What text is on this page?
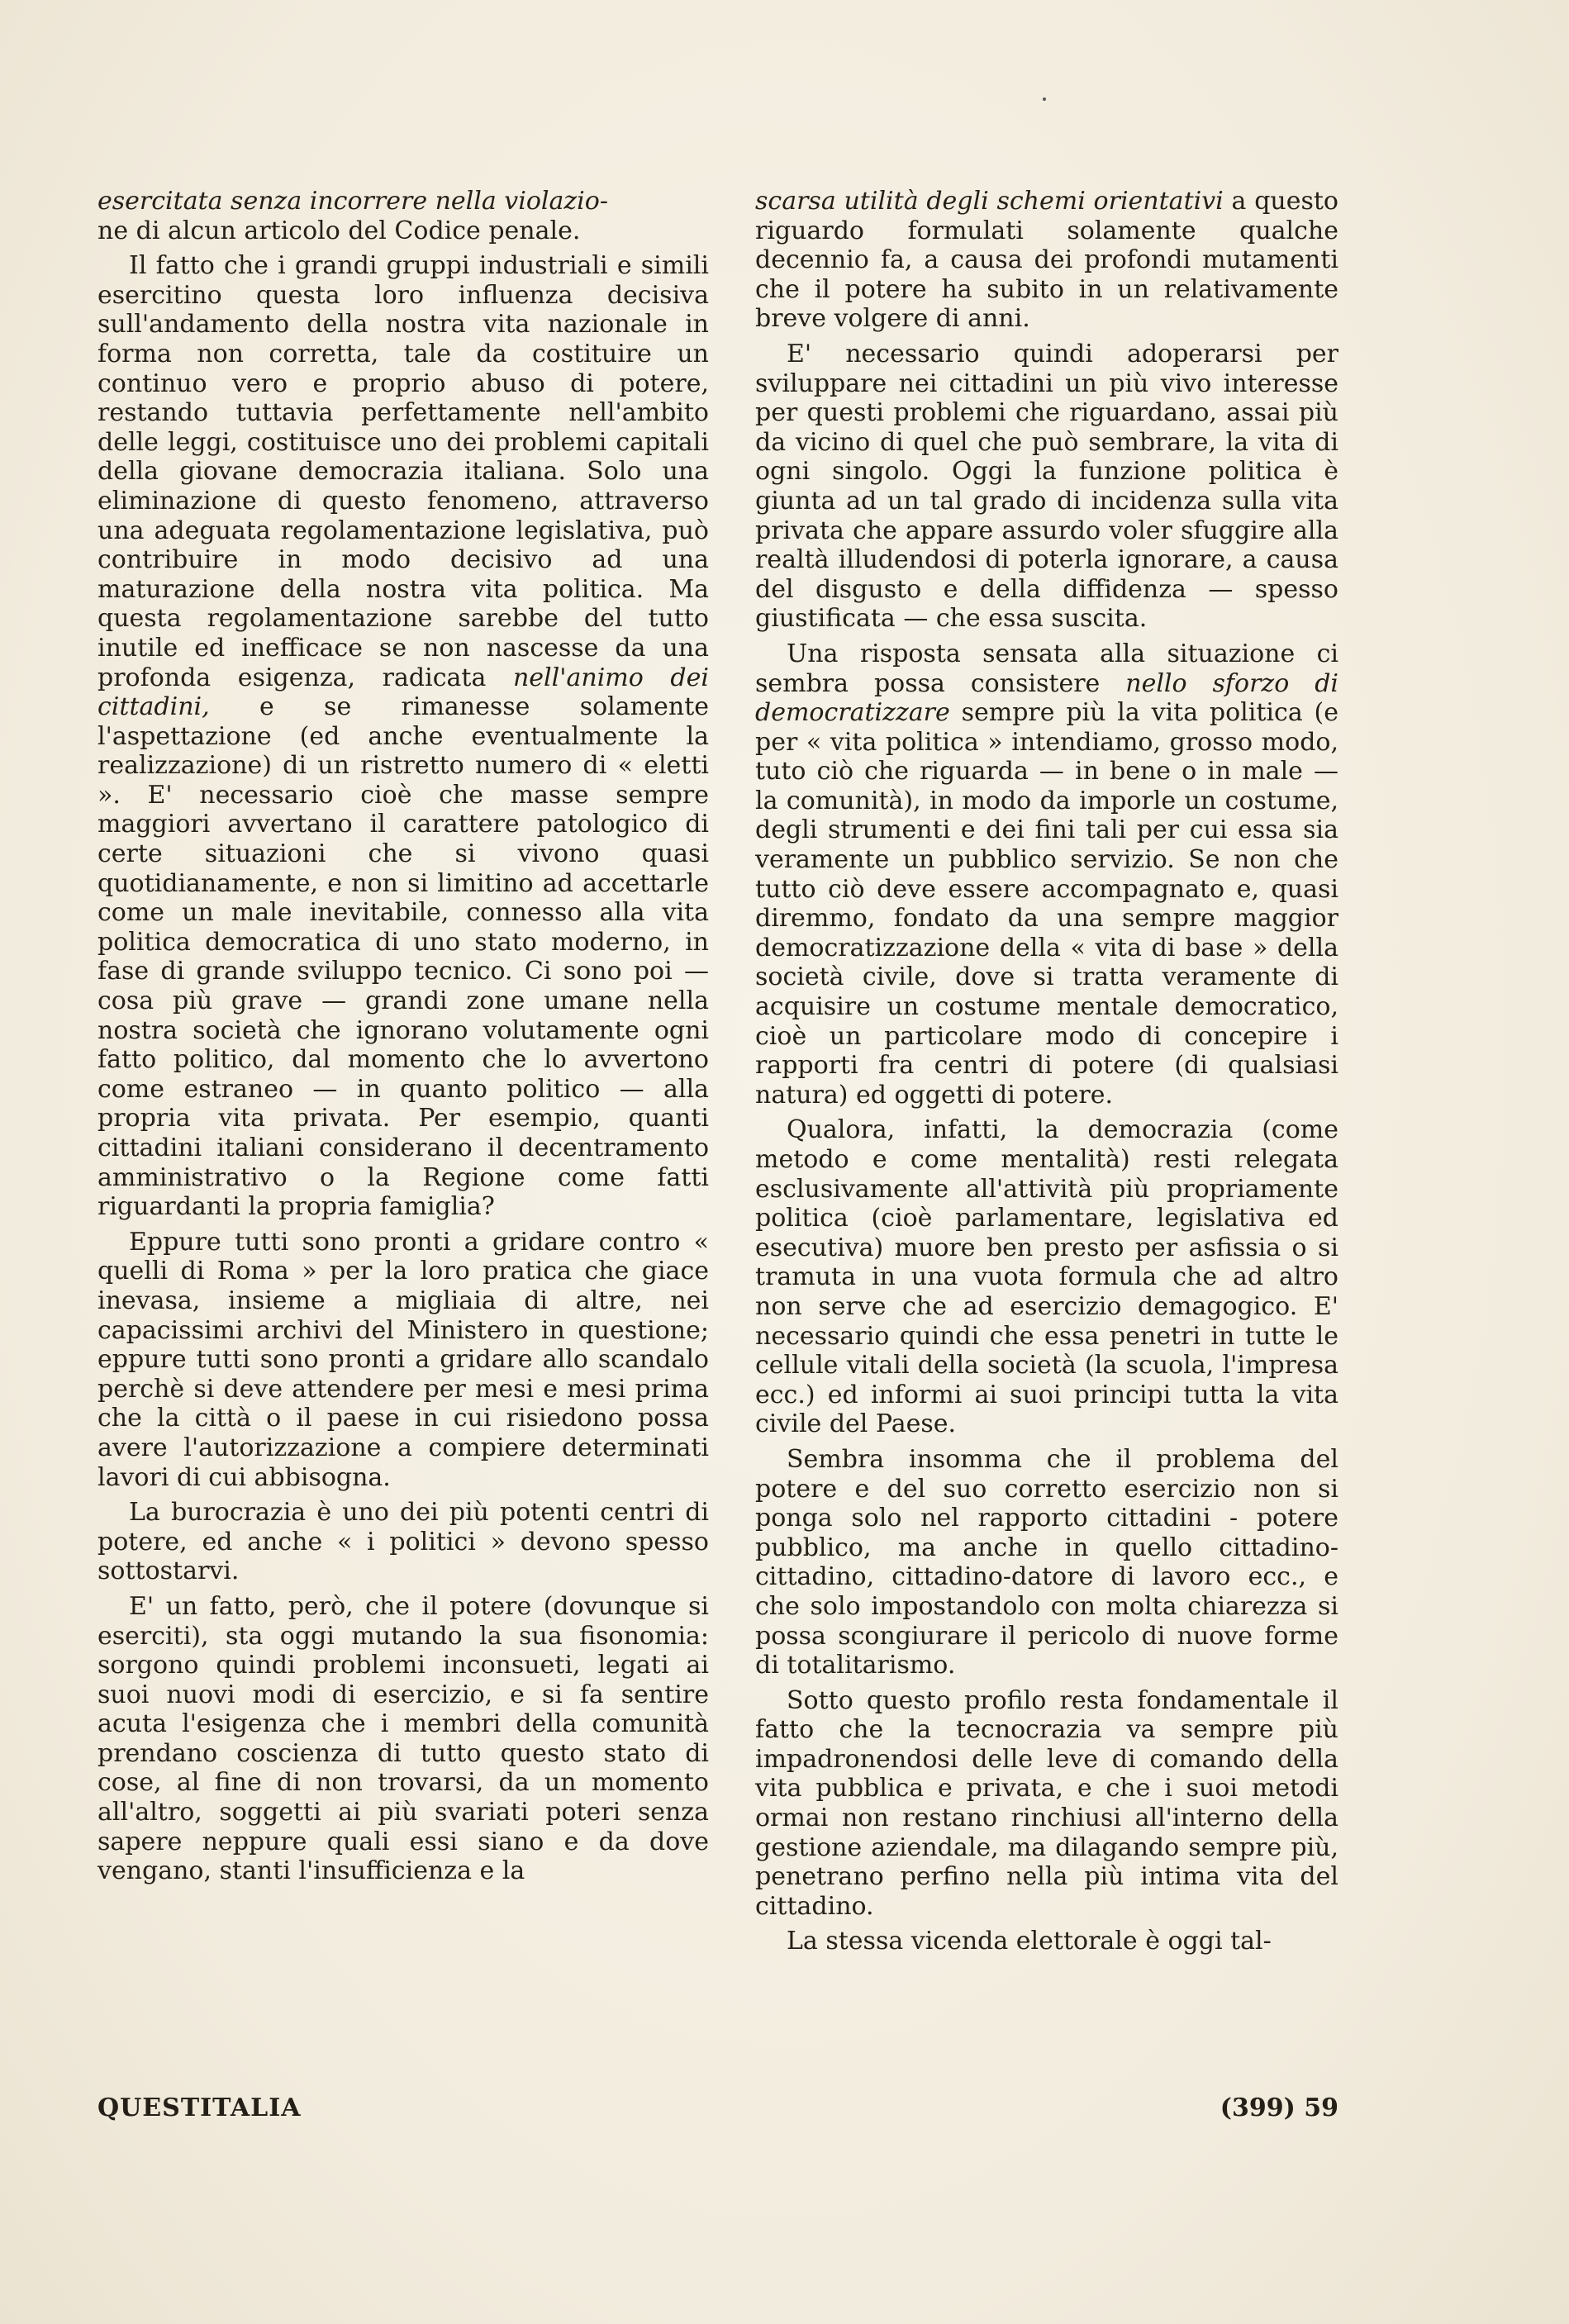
esercitata senza incorrere nella violazio-
ne di alcun articolo del Codice penale.

Il fatto che i grandi gruppi industriali e simili esercitino questa loro influenza decisiva sull'andamento della nostra vita nazionale in forma non corretta, tale da costituire un continuo vero e proprio abuso di potere, restando tuttavia perfettamente nell'ambito delle leggi, costituisce uno dei problemi capitali della giovane democrazia italiana. Solo una eliminazione di questo fenomeno, attraverso una adeguata regolamentazione legislativa, può contribuire in modo decisivo ad una maturazione della nostra vita politica. Ma questa regolamentazione sarebbe del tutto inutile ed inefficace se non nascesse da una profonda esigenza, radicata nell'animo dei cittadini, e se rimanesse solamente l'aspettazione (ed anche eventualmente la realizzazione) di un ristretto numero di « eletti ». E' necessario cioè che masse sempre maggiori avvertano il carattere patologico di certe situazioni che si vivono quasi quotidianamente, e non si limitino ad accettarle come un male inevitabile, connesso alla vita politica democratica di uno stato moderno, in fase di grande sviluppo tecnico. Ci sono poi — cosa più grave — grandi zone umane nella nostra società che ignorano volutamente ogni fatto politico, dal momento che lo avvertono come estraneo — in quanto politico — alla propria vita privata. Per esempio, quanti cittadini italiani considerano il decentramento amministrativo o la Regione come fatti riguardanti la propria famiglia?

Eppure tutti sono pronti a gridare contro « quelli di Roma » per la loro pratica che giace inevasa, insieme a migliaia di altre, nei capacissimi archivi del Ministero in questione; eppure tutti sono pronti a gridare allo scandalo perchè si deve attendere per mesi e mesi prima che la città o il paese in cui risiedono possa avere l'autorizzazione a compiere determinati lavori di cui abbisogna.

La burocrazia è uno dei più potenti centri di potere, ed anche « i politici » devono spesso sottostarvi.

E' un fatto, però, che il potere (dovunque si eserciti), sta oggi mutando la sua fisonomia: sorgono quindi problemi inconsueti, legati ai suoi nuovi modi di esercizio, e si fa sentire acuta l'esigenza che i membri della comunità prendano coscienza di tutto questo stato di cose, al fine di non trovarsi, da un momento all'altro, soggetti ai più svariati poteri senza sapere neppure quali essi siano e da dove vengano, stanti l'insufficienza e la

scarsa utilità degli schemi orientativi a questo riguardo formulati solamente qualche decennio fa, a causa dei profondi mutamenti che il potere ha subito in un relativamente breve volgere di anni.

E' necessario quindi adoperarsi per sviluppare nei cittadini un più vivo interesse per questi problemi che riguardano, assai più da vicino di quel che può sembrare, la vita di ogni singolo. Oggi la funzione politica è giunta ad un tal grado di incidenza sulla vita privata che appare assurdo voler sfuggire alla realtà illudendosi di poterla ignorare, a causa del disgusto e della diffidenza — spesso giustificata — che essa suscita.

Una risposta sensata alla situazione ci sembra possa consistere nello sforzo di democratizzare sempre più la vita politica (e per « vita politica » intendiamo, grosso modo, tuto ciò che riguarda — in bene o in male — la comunità), in modo da imporle un costume, degli strumenti e dei fini tali per cui essa sia veramente un pubblico servizio. Se non che tutto ciò deve essere accompagnato e, quasi diremmo, fondato da una sempre maggior democratizzazione della « vita di base » della società civile, dove si tratta veramente di acquisire un costume mentale democratico, cioè un particolare modo di concepire i rapporti fra centri di potere (di qualsiasi natura) ed oggetti di potere.

Qualora, infatti, la democrazia (come metodo e come mentalità) resti relegata esclusivamente all'attività più propriamente politica (cioè parlamentare, legislativa ed esecutiva) muore ben presto per asfissia o si tramuta in una vuota formula che ad altro non serve che ad esercizio demagogico. E' necessario quindi che essa penetri in tutte le cellule vitali della società (la scuola, l'impresa ecc.) ed informi ai suoi principi tutta la vita civile del Paese.

Sembra insomma che il problema del potere e del suo corretto esercizio non si ponga solo nel rapporto cittadini - potere pubblico, ma anche in quello cittadino-cittadino, cittadino-datore di lavoro ecc., e che solo impostandolo con molta chiarezza si possa scongiurare il pericolo di nuove forme di totalitarismo.

Sotto questo profilo resta fondamentale il fatto che la tecnocrazia va sempre più impadronendosi delle leve di comando della vita pubblica e privata, e che i suoi metodi ormai non restano rinchiusi all'interno della gestione aziendale, ma dilagando sempre più, penetrano perfino nella più intima vita del cittadino.

La stessa vicenda elettorale è oggi tal-

QUESTITALIA	(399) 59
